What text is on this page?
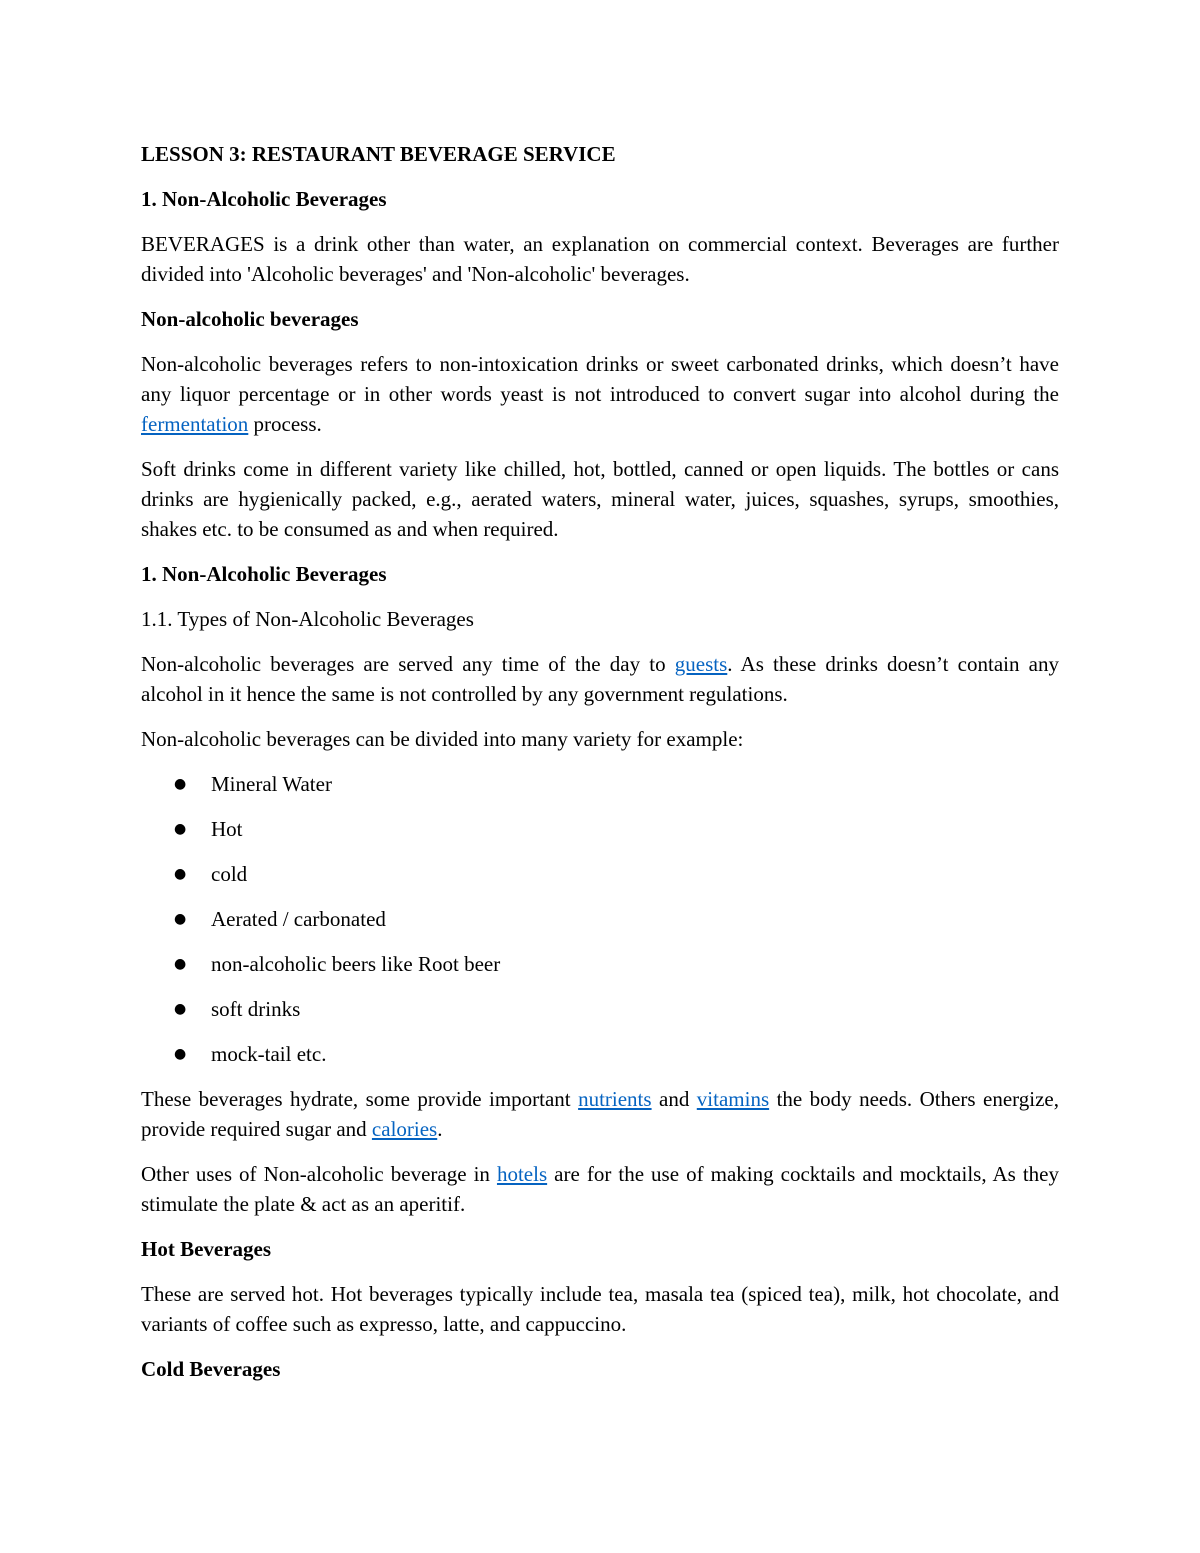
LESSON 3: RESTAURANT BEVERAGE SERVICE

1. Non-Alcoholic Beverages

BEVERAGES is a drink other than water, an explanation on commercial context. Beverages are further divided into 'Alcoholic beverages' and 'Non-alcoholic' beverages.

Non-alcoholic beverages

Non-alcoholic beverages refers to non-intoxication drinks or sweet carbonated drinks, which doesn’t have any liquor percentage or in other words yeast is not introduced to convert sugar into alcohol during the fermentation process.

Soft drinks come in different variety like chilled, hot, bottled, canned or open liquids. The bottles or cans drinks are hygienically packed, e.g., aerated waters, mineral water, juices, squashes, syrups, smoothies, shakes etc. to be consumed as and when required.

1. Non-Alcoholic Beverages

1.1. Types of Non-Alcoholic Beverages

Non-alcoholic beverages are served any time of the day to guests. As these drinks doesn’t contain any alcohol in it hence the same is not controlled by any government regulations.

Non-alcoholic beverages can be divided into many variety for example:

● Mineral Water
● Hot
● cold
● Aerated / carbonated
● non-alcoholic beers like Root beer
● soft drinks
● mock-tail etc.

These beverages hydrate, some provide important nutrients and vitamins the body needs. Others energize, provide required sugar and calories.

Other uses of Non-alcoholic beverage in hotels are for the use of making cocktails and mocktails, As they stimulate the plate & act as an aperitif.

Hot Beverages

These are served hot. Hot beverages typically include tea, masala tea (spiced tea), milk, hot chocolate, and variants of coffee such as expresso, latte, and cappuccino.

Cold Beverages
